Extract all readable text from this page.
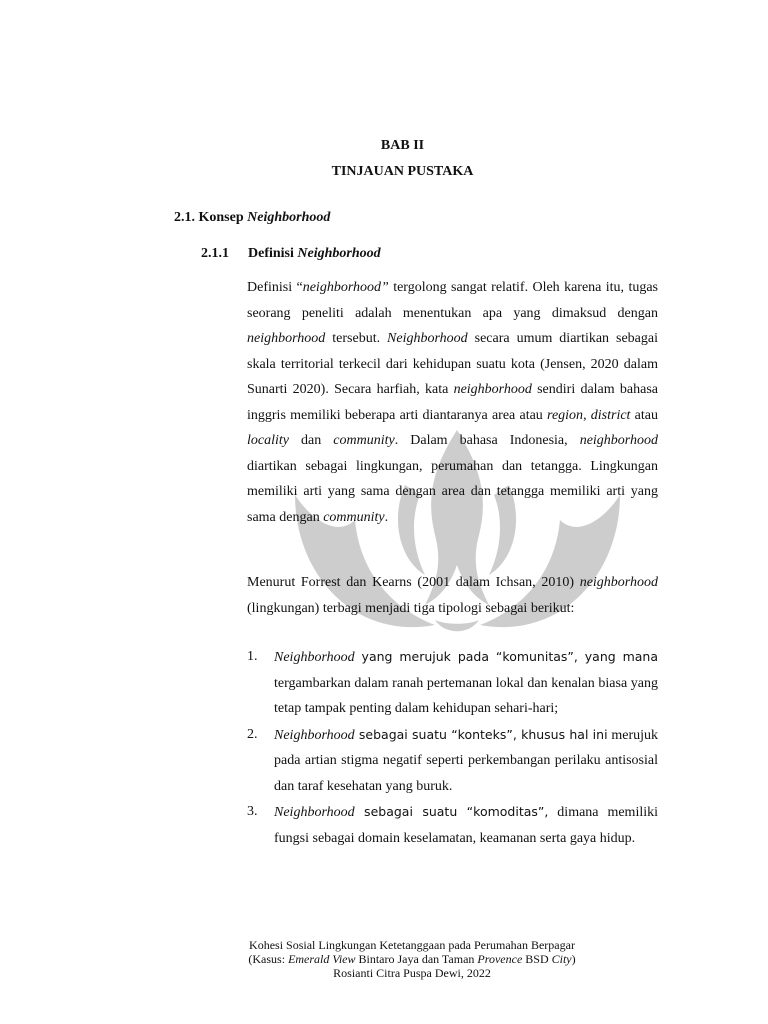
BAB II
TINJAUAN PUSTAKA
2.1. Konsep Neighborhood
2.1.1 Definisi Neighborhood

Definisi “neighborhood” tergolong sangat relatif. Oleh karena itu, tugas seorang peneliti adalah menentukan apa yang dimaksud dengan neighborhood tersebut. Neighborhood secara umum diartikan sebagai skala territorial terkecil dari kehidupan suatu kota (Jensen, 2020 dalam Sunarti 2020). Secara harfiah, kata neighborhood sendiri dalam bahasa inggris memiliki beberapa arti diantaranya area atau region, district atau locality dan community. Dalam bahasa Indonesia, neighborhood diartikan sebagai lingkungan, perumahan dan tetangga. Lingkungan memiliki arti yang sama dengan area dan tetangga memiliki arti yang sama dengan community.

Menurut Forrest dan Kearns (2001 dalam Ichsan, 2010) neighborhood (lingkungan) terbagi menjadi tiga tipologi sebagai berikut:

1. Neighborhood yang merujuk pada “komunitas”, yang mana tergambarkan dalam ranah pertemanan lokal dan kenalan biasa yang tetap tampak penting dalam kehidupan sehari-hari;
2. Neighborhood sebagai suatu “konteks”, khusus hal ini merujuk pada artian stigma negatif seperti perkembangan perilaku antisosial dan taraf kesehatan yang buruk.
3. Neighborhood sebagai suatu “komoditas”, dimana memiliki fungsi sebagai domain keselamatan, keamanan serta gaya hidup.
Kohesi Sosial Lingkungan Ketetanggaan pada Perumahan Berpagar
(Kasus: Emerald View Bintaro Jaya dan Taman Provence BSD City)
Rosianti Citra Puspa Dewi, 2022
